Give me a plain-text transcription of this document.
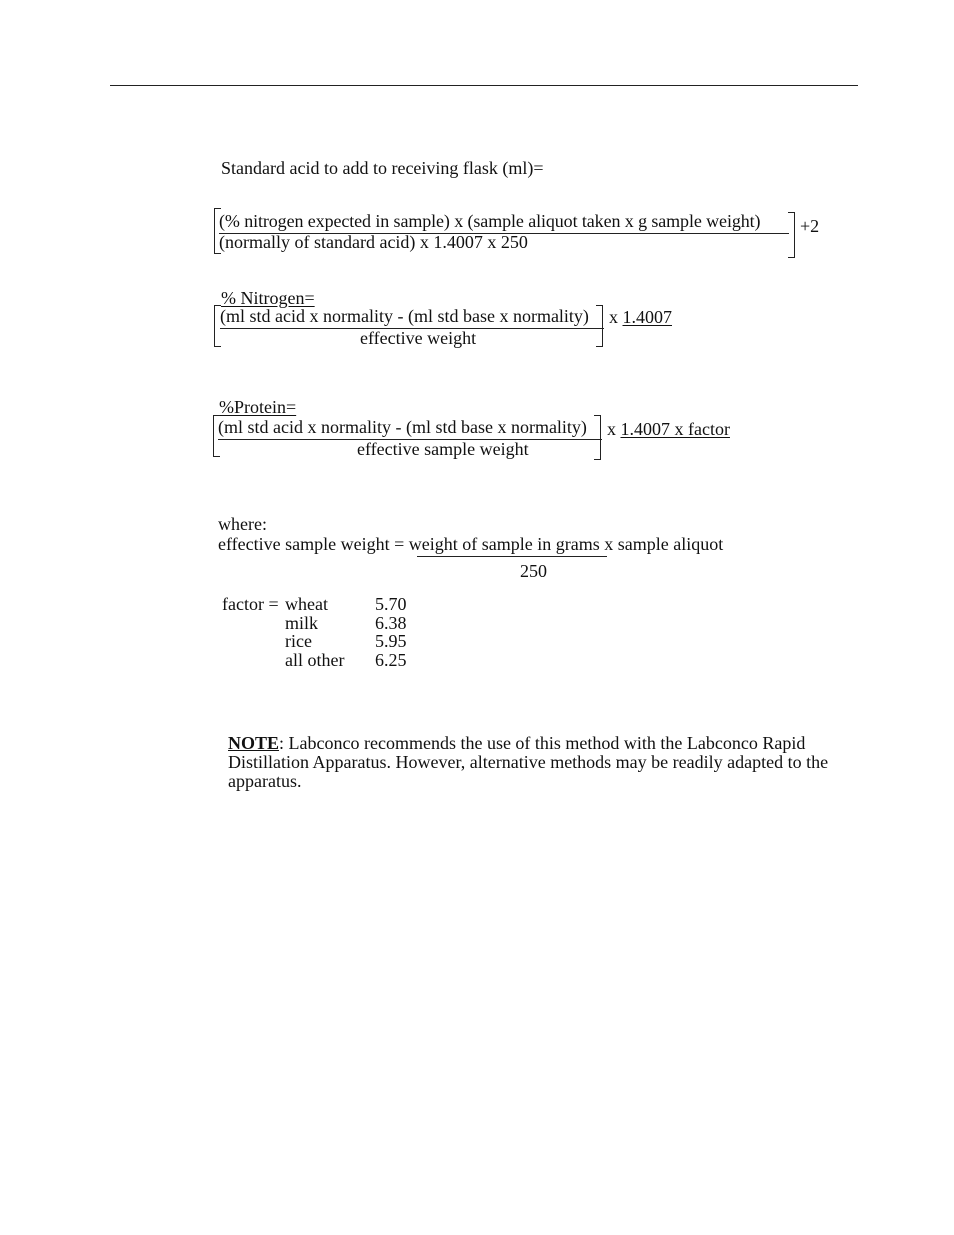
Standard acid to add to receiving flask (ml)=
(% nitrogen expected in sample) x (sample aliquot taken x g sample weight)
(normally of standard acid) x 1.4007 x 250
+2
% Nitrogen=
(ml std acid x normality - (ml std base x normality)
effective weight
x 1.4007
%Protein=
(ml std acid x normality - (ml std base x normality)
effective sample weight
x 1.4007 x factor
where:
effective sample weight = weight of sample in grams x sample aliquot
250
factor =	wheat	5.70
	milk	6.38
	rice	5.95
	all other	6.25
NOTE: Labconco recommends the use of this method with the Labconco Rapid Distillation Apparatus. However, alternative methods may be readily adapted to the apparatus.
